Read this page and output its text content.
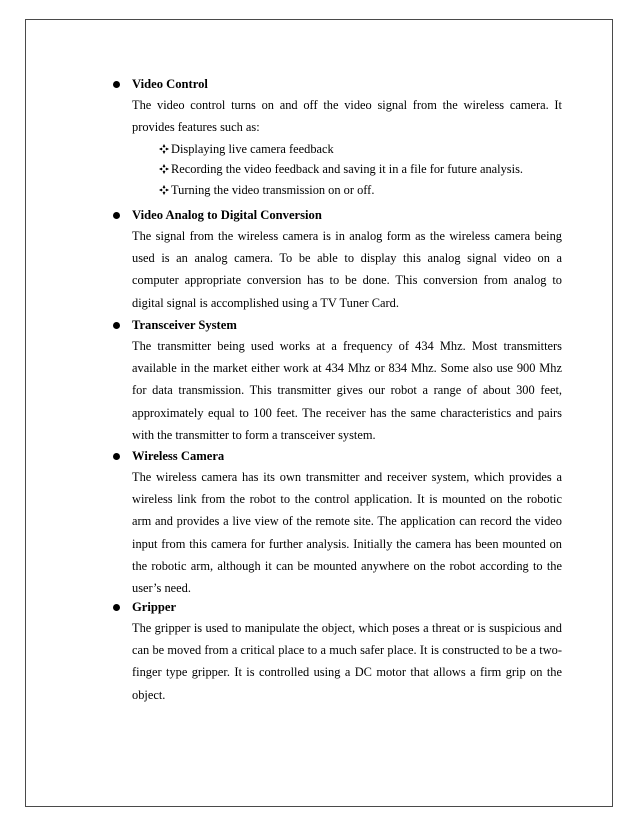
Video Control
The video control turns on and off the video signal from the wireless camera. It
provides features such as:
Displaying live camera feedback
Recording the video feedback and saving it in a file for future analysis.
Turning the video transmission on or off.
Video Analog to Digital Conversion
The signal from the wireless camera is in analog form as the wireless camera being
used is an analog camera. To be able to display this analog signal video on a
computer appropriate conversion has to be done. This conversion from analog to
digital signal is accomplished using a TV Tuner Card.
Transceiver System
The transmitter being used works at a frequency of 434 Mhz. Most transmitters
available in the market either work at 434 Mhz or 834 Mhz. Some also use 900 Mhz
for data transmission. This transmitter gives our robot a range of about 300 feet,
approximately equal to 100 feet. The receiver has the same characteristics and pairs
with the transmitter to form a transceiver system.
Wireless Camera
The wireless camera has its own transmitter and receiver system, which provides a
wireless link from the robot to the control application. It is mounted on the robotic
arm and provides a live view of the remote site. The application can record the video
input from this camera for further analysis. Initially the camera has been mounted on
the robotic arm, although it can be mounted anywhere on the robot according to the
user’s need.
Gripper
The gripper is used to manipulate the object, which poses a threat or is suspicious and
can be moved from a critical place to a much safer place. It is constructed to be a two-
finger type gripper. It is controlled using a DC motor that allows a firm grip on the
object.
